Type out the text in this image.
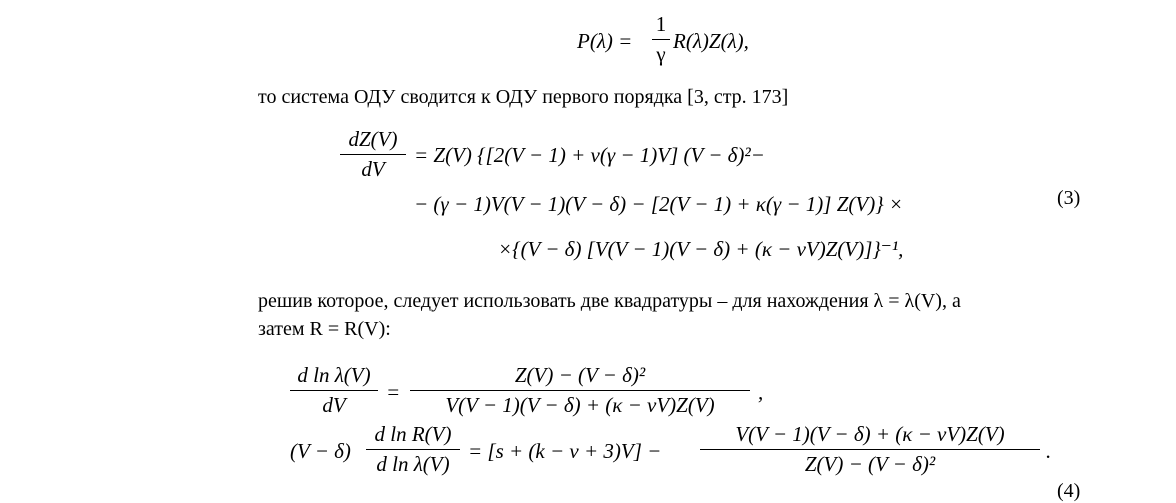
P(λ) =
1
γ
R(λ)Z(λ),
то система ОДУ сводится к ОДУ первого порядка [3, стр. 173]
dZ(V)
dV
= Z(V) {[2(V − 1) + ν(γ − 1)V] (V − δ)²−
− (γ − 1)V(V − 1)(V − δ) − [2(V − 1) + κ(γ − 1)] Z(V)} ×
×{(V − δ) [V(V − 1)(V − δ) + (κ − νV)Z(V)]}⁻¹,
(3)
решив которое, следует использовать две квадратуры – для нахождения λ = λ(V), а
затем R = R(V):
d ln λ(V)
dV
=
Z(V) − (V − δ)²
V(V − 1)(V − δ) + (κ − νV)Z(V)
,
(V − δ)
d ln R(V)
d ln λ(V)
= [s + (k − ν + 3)V] −
V(V − 1)(V − δ) + (κ − νV)Z(V)
Z(V) − (V − δ)²
.
(4)
